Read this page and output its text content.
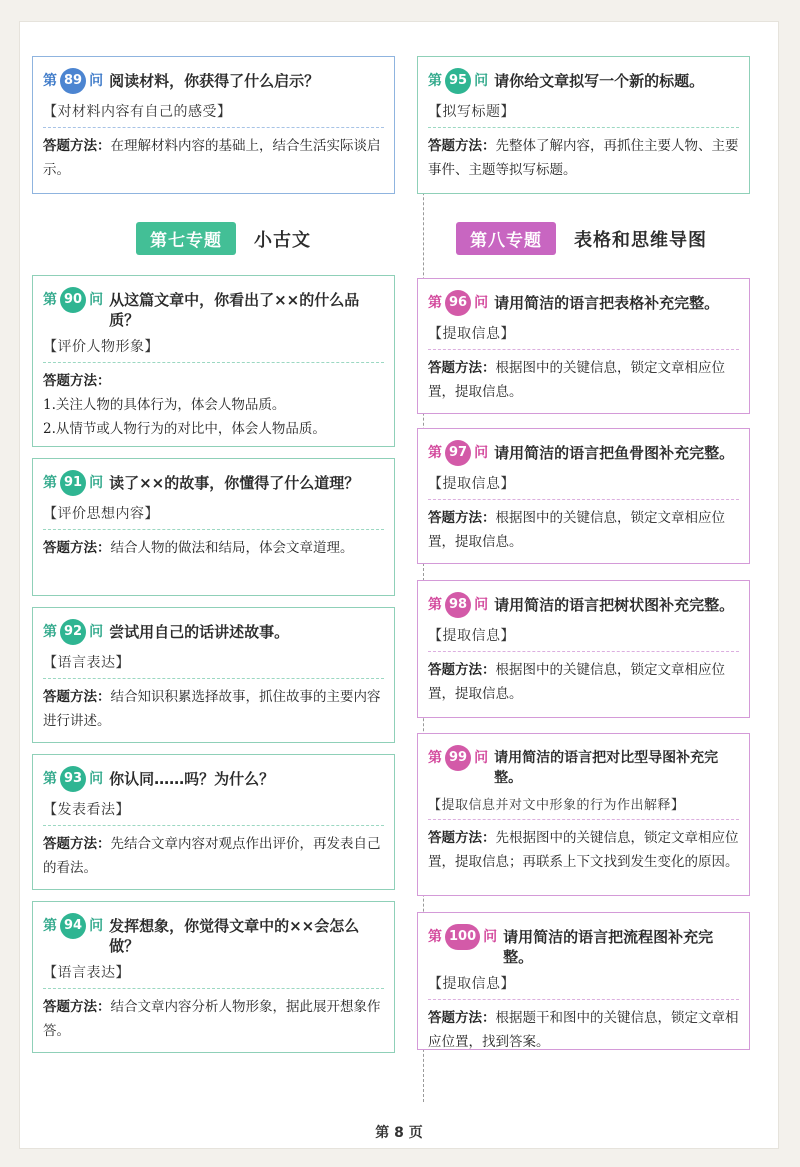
第 89 问 阅读材料，你获得了什么启示？
【对材料内容有自己的感受】
答题方法：在理解材料内容的基础上，结合生活实际谈启示。
第七专题	小古文
第 90 问 从这篇文章中，你看出了××的什么品质？
【评价人物形象】

答题方法：

1.关注人物的具体行为，体会人物品质。

2.从情节或人物行为的对比中，体会人物品质。

第 91 问 读了××的故事，你懂得了什么道理？
【评价思想内容】
答题方法：结合人物的做法和结局，体会文章道理。
第 92 问 尝试用自己的话讲述故事。
【语言表达】
答题方法：结合知识积累选择故事，抓住故事的主要内容进行讲述。
第 93 问 你认同……吗？为什么？
【发表看法】
答题方法：先结合文章内容对观点作出评价，再发表自己的看法。
第 94 问 发挥想象，你觉得文章中的××会怎么做？
【语言表达】
答题方法：结合文章内容分析人物形象，据此展开想象作答。
第 95 问 请你给文章拟写一个新的标题。
【拟写标题】
答题方法：先整体了解内容，再抓住主要人物、主要事件、主题等拟写标题。
第八专题	表格和思维导图
第 96 问 请用简洁的语言把表格补充完整。
【提取信息】
答题方法：根据图中的关键信息，锁定文章相应位置，提取信息。
第 97 问 请用简洁的语言把鱼骨图补充完整。
【提取信息】
答题方法：根据图中的关键信息，锁定文章相应位置，提取信息。
第 98 问 请用简洁的语言把树状图补充完整。
【提取信息】
答题方法：根据图中的关键信息，锁定文章相应位置，提取信息。
第 99 问 请用简洁的语言把对比型导图补充完整。
【提取信息并对文中形象的行为作出解释】
答题方法：先根据图中的关键信息，锁定文章相应位置，提取信息；再联系上下文找到发生变化的原因。
第 100 问 请用简洁的语言把流程图补充完整。
【提取信息】
答题方法：根据题干和图中的关键信息，锁定文章相应位置，找到答案。
第 8 页
